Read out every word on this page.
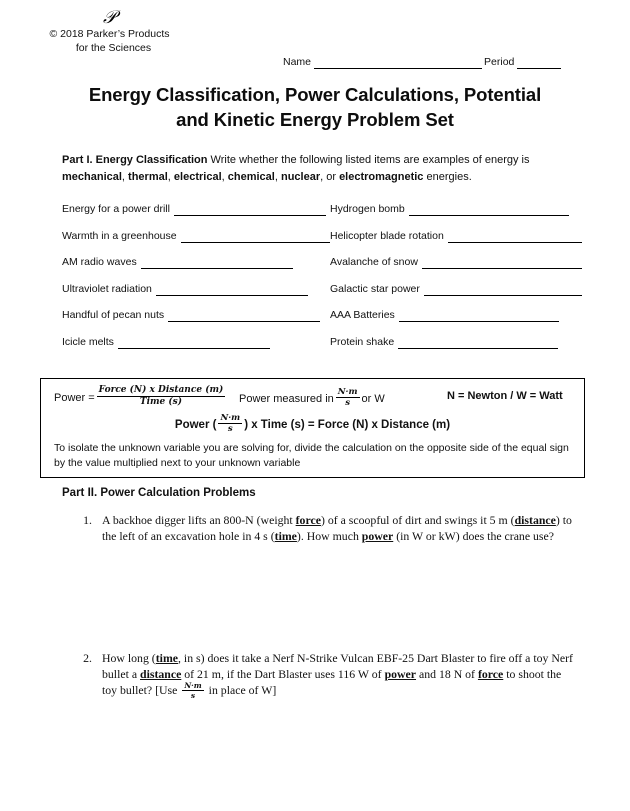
𝒫
© 2018 Parker’s Products
for the Sciences
Name	Period
Energy Classification, Power Calculations, Potential
and Kinetic Energy Problem Set
Part I. Energy Classification Write whether the following listed items are examples of energy is mechanical, thermal, electrical, chemical, nuclear, or electromagnetic energies.
Energy for a power drill	Hydrogen bomb
Warmth in a greenhouse	Helicopter blade rotation
AM radio waves	Avalanche of snow
Ultraviolet radiation	Galactic star power
Handful of pecan nuts	AAA Batteries
Icicle melts	Protein shake
Power = $\frac{\text{Force (N) x Distance (m)}}{\text{Time (s)}}$ Power measured in $\frac{N\cdot m}{s}$ or W	N = Newton / W = Watt
Power ( $\frac{N\cdot m}{s}$ ) x Time (s) = Force (N) x Distance (m)
To isolate the unknown variable you are solving for, divide the calculation on the opposite side of the equal sign by the value multiplied next to your unknown variable
Part II. Power Calculation Problems
1. A backhoe digger lifts an 800-N (weight force) of a scoopful of dirt and swings it 5 m (distance) to the left of an excavation hole in 4 s (time). How much power (in W or kW) does the crane use?
2. How long (time, in s) does it take a Nerf N-Strike Vulcan EBF-25 Dart Blaster to fire off a toy Nerf bullet a distance of 21 m, if the Dart Blaster uses 116 W of power and 18 N of force to shoot the toy bullet? [$Use \frac{N\cdot m}{s}$ in place of W]
